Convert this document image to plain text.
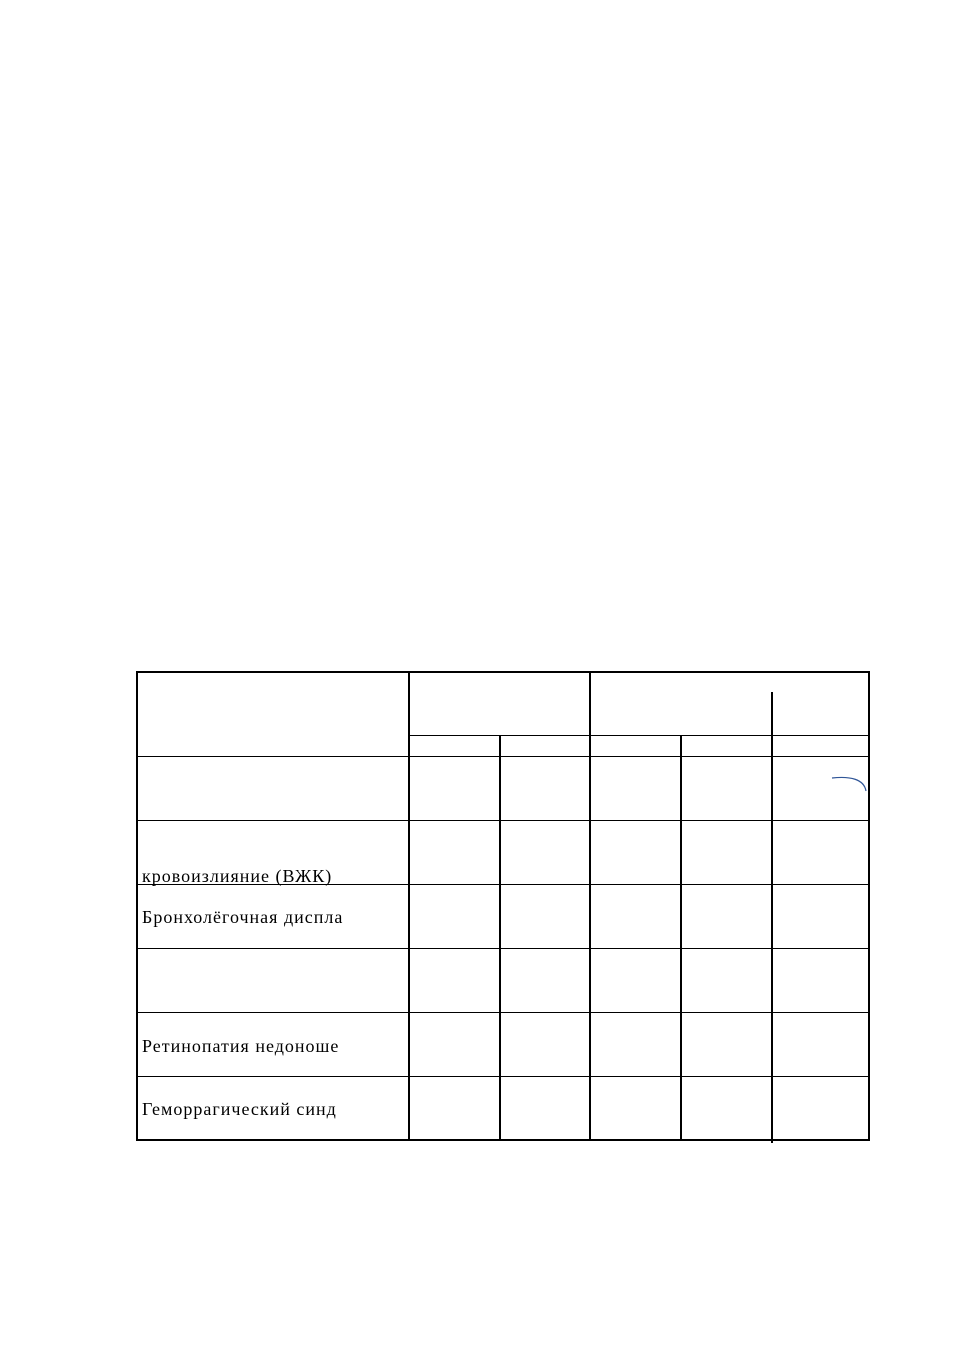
кровоизлияние (ВЖК)
Бронхолёгочная диспла
Ретинопатия недоноше
Геморрагический синд
